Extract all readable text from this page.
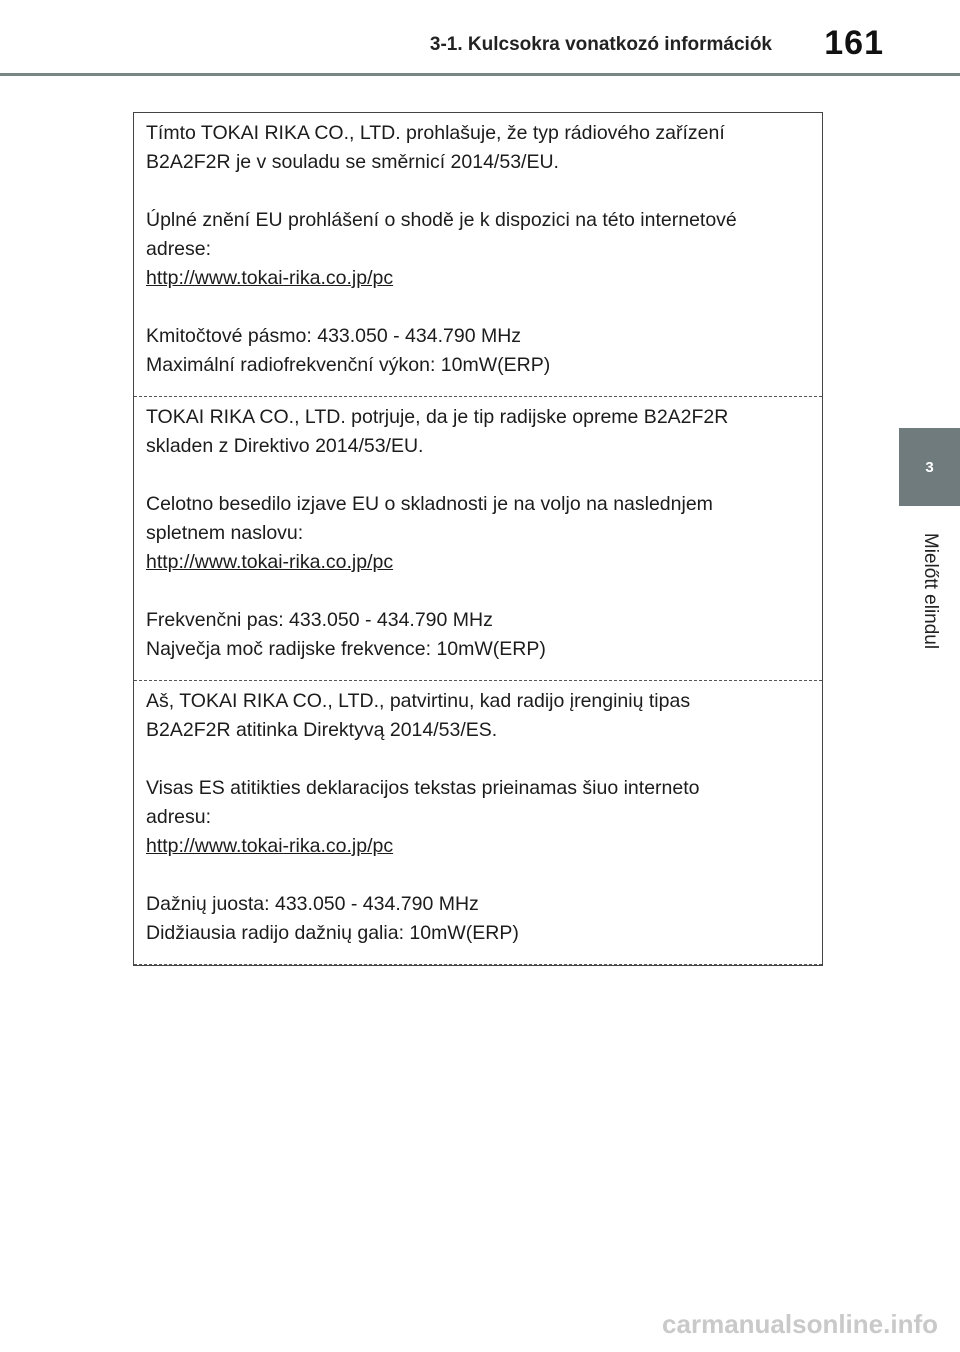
3-1. Kulcsokra vonatkozó információk 161
3
Mielőtt elindul

Tímto TOKAI RIKA CO., LTD. prohlašuje, že typ rádiového zařízení

B2A2F2R je v souladu se směrnicí 2014/53/EU.

Úplné znění EU prohlášení o shodě je k dispozici na této internetové

adrese:

http://www.tokai-rika.co.jp/pc

Kmitočtové pásmo: 433.050 - 434.790 MHz

Maximální radiofrekvenční výkon: 10mW(ERP)

TOKAI RIKA CO., LTD. potrjuje, da je tip radijske opreme B2A2F2R

skladen z Direktivo 2014/53/EU.

Celotno besedilo izjave EU o skladnosti je na voljo na naslednjem

spletnem naslovu:

http://www.tokai-rika.co.jp/pc

Frekvenčni pas: 433.050 - 434.790 MHz

Največja moč radijske frekvence: 10mW(ERP)

Aš, TOKAI RIKA CO., LTD., patvirtinu, kad radijo įrenginių tipas

B2A2F2R atitinka Direktyvą 2014/53/ES.

Visas ES atitikties deklaracijos tekstas prieinamas šiuo interneto

adresu:

http://www.tokai-rika.co.jp/pc

Dažnių juosta: 433.050 - 434.790 MHz

Didžiausia radijo dažnių galia: 10mW(ERP)

carmanualsonline.info
